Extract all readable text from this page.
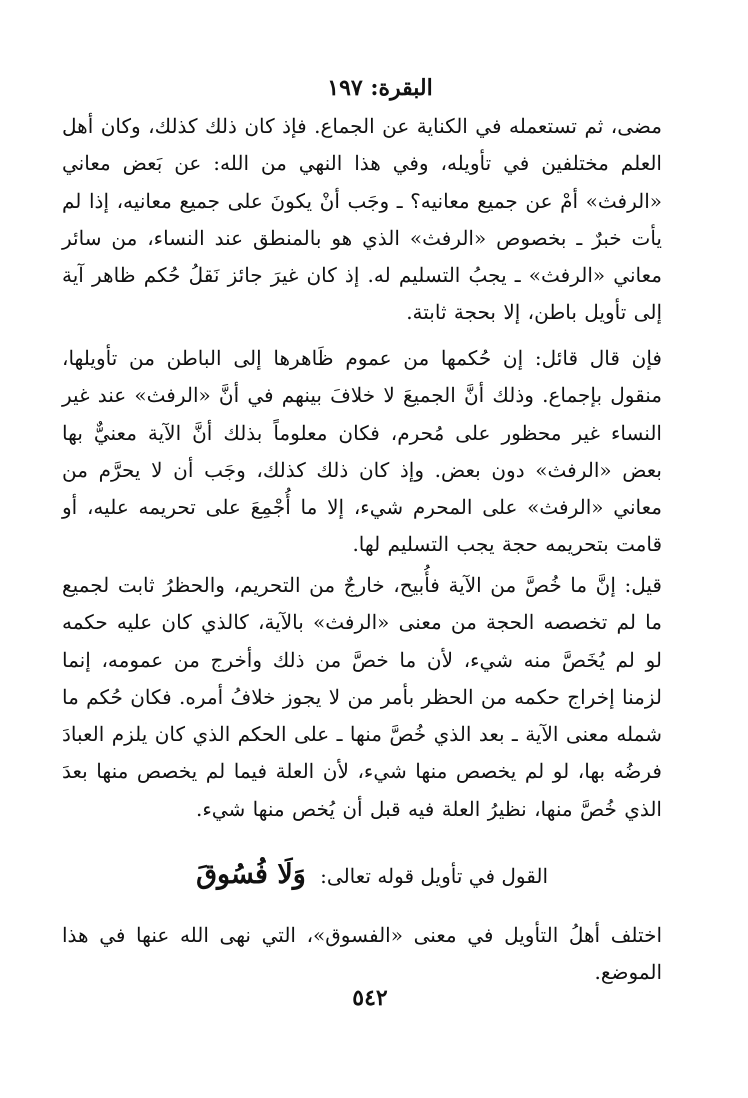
البقرة: ١٩٧
مضى، ثم تستعمله في الكناية عن الجماع. فإذ كان ذلك كذلك، وكان أهل العلم مختلفين في تأويله، وفي هذا النهي من الله: عن بَعض معاني «الرفث» أمْ عن جميع معانيه؟ ـ وجَب أنْ يكونَ على جميع معانيه، إذا لم يأت خبرٌ ـ بخصوص «الرفث» الذي هو بالمنطق عند النساء، من سائر معاني «الرفث» ـ يجبُ التسليم له. إذ كان غيرَ جائز نَقلُ حُكم ظاهر آية إلى تأويل باطن، إلا بحجة ثابتة.
فإن قال قائل: إن حُكمها من عموم ظَاهرها إلى الباطن من تأويلها، منقول بإجماع. وذلك أنَّ الجميعَ لا خلافَ بينهم في أنَّ «الرفث» عند غير النساء غير محظور على مُحرم، فكان معلوماً بذلك أنَّ الآية معنيٌّ بها بعض «الرفث» دون بعض. وإذ كان ذلك كذلك، وجَب أن لا يحرَّم من معاني «الرفث» على المحرم شيء، إلا ما أُجْمِعَ على تحريمه عليه، أو قامت بتحريمه حجة يجب التسليم لها.
قيل: إنَّ ما خُصَّ من الآية فأُبيح، خارجٌ من التحريم، والحظرُ ثابت لجميع ما لم تخصصه الحجة من معنى «الرفث» بالآية، كالذي كان عليه حكمه لو لم يُخَصَّ منه شيء، لأن ما خصَّ من ذلك وأخرج من عمومه، إنما لزمنا إخراج حكمه من الحظر بأمر من لا يجوز خلافُ أمره. فكان حُكم ما شمله معنى الآية ـ بعد الذي خُصَّ منها ـ على الحكم الذي كان يلزم العبادَ فرضُه بها، لو لم يخصص منها شيء، لأن العلة فيما لم يخصص منها بعدَ الذي خُصَّ منها، نظيرُ العلة فيه قبل أن يُخص منها شيء.
القول في تأويل قوله تعالى: وَلَا فُسُوقَ
اختلف أهلُ التأويل في معنى «الفسوق»، التي نهى الله عنها في هذا الموضع.
٥٤٢
